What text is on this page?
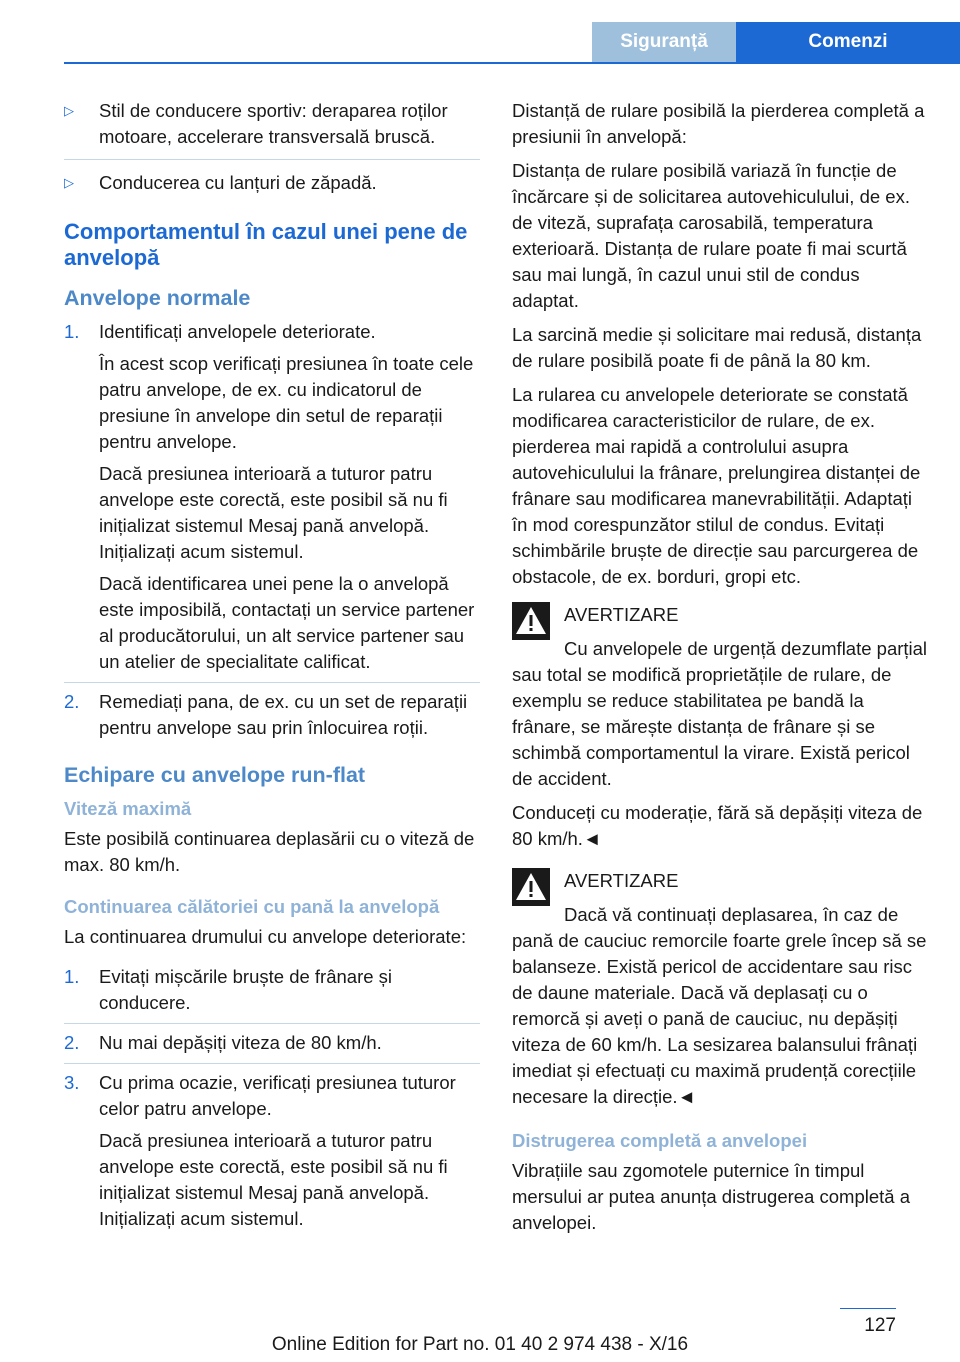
Siguranță	Comenzi
▷ Stil de conducere sportiv: deraparea roților motoare, accelerare transversală bruscă.
▷ Conducerea cu lanțuri de zăpadă.
Comportamentul în cazul unei pene de anvelopă
Anvelope normale
1. Identificați anvelopele deteriorate.

În acest scop verificați presiunea în toate cele patru anvelope, de ex. cu indicatorul de presiune în anvelope din setul de reparații pentru anvelope.

Dacă presiunea interioară a tuturor patru anvelope este corectă, este posibil să nu fi inițializat sistemul Mesaj pană anvelopă. Inițializați acum sistemul.

Dacă identificarea unei pene la o anvelopă este imposibilă, contactați un service partener al producătorului, un alt service partener sau un atelier de specialitate calificat.

2. Remediați pana, de ex. cu un set de reparații pentru anvelope sau prin înlocuirea roții.

Echipare cu anvelope run-flat
Viteză maximă

Este posibilă continuarea deplasării cu o viteză de max. 80 km/h.

Continuarea călătoriei cu pană la anvelopă

La continuarea drumului cu anvelope deteriorate:

1. Evitați mișcările bruște de frânare și conducere.

2. Nu mai depășiți viteza de 80 km/h.

3. Cu prima ocazie, verificați presiunea tuturor celor patru anvelope.

Dacă presiunea interioară a tuturor patru anvelope este corectă, este posibil să nu fi inițializat sistemul Mesaj pană anvelopă. Inițializați acum sistemul.

Distanță de rulare posibilă la pierderea completă a presiunii în anvelopă:

Distanța de rulare posibilă variază în funcție de încărcare și de solicitarea autovehiculului, de ex. de viteză, suprafața carosabilă, temperatura exterioară. Distanța de rulare poate fi mai scurtă sau mai lungă, în cazul unui stil de condus adaptat.

La sarcină medie și solicitare mai redusă, distanța de rulare posibilă poate fi de până la 80 km.

La rularea cu anvelopele deteriorate se constată modificarea caracteristicilor de rulare, de ex. pierderea mai rapidă a controlului asupra autovehiculului la frânare, prelungirea distanței de frânare sau modificarea manevrabilității. Adaptați în mod corespunzător stilul de condus. Evitați schimbările bruște de direcție sau parcurgerea de obstacole, de ex. borduri, gropi etc.

AVERTIZARE

Cu anvelopele de urgență dezumflate parțial sau total se modifică proprietățile de rulare, de exemplu se reduce stabilitatea pe bandă la frânare, se mărește distanța de frânare și se schimbă comportamentul la virare. Există pericol de accident.

Conduceți cu moderație, fără să depășiți viteza de 80 km/h.◄

AVERTIZARE

Dacă vă continuați deplasarea, în caz de pană de cauciuc remorcile foarte grele încep să se balanseze. Există pericol de accidentare sau risc de daune materiale. Dacă vă deplasați cu o remorcă și aveți o pană de cauciuc, nu depășiți viteza de 60 km/h. La sesizarea balansului frânați imediat și efectuați cu maximă prudență corecțiile necesare la direcție.◄

Distrugerea completă a anvelopei

Vibrațiile sau zgomotele puternice în timpul mersului ar putea anunța distrugerea completă a anvelopei.

127
Online Edition for Part no. 01 40 2 974 438 - X/16
